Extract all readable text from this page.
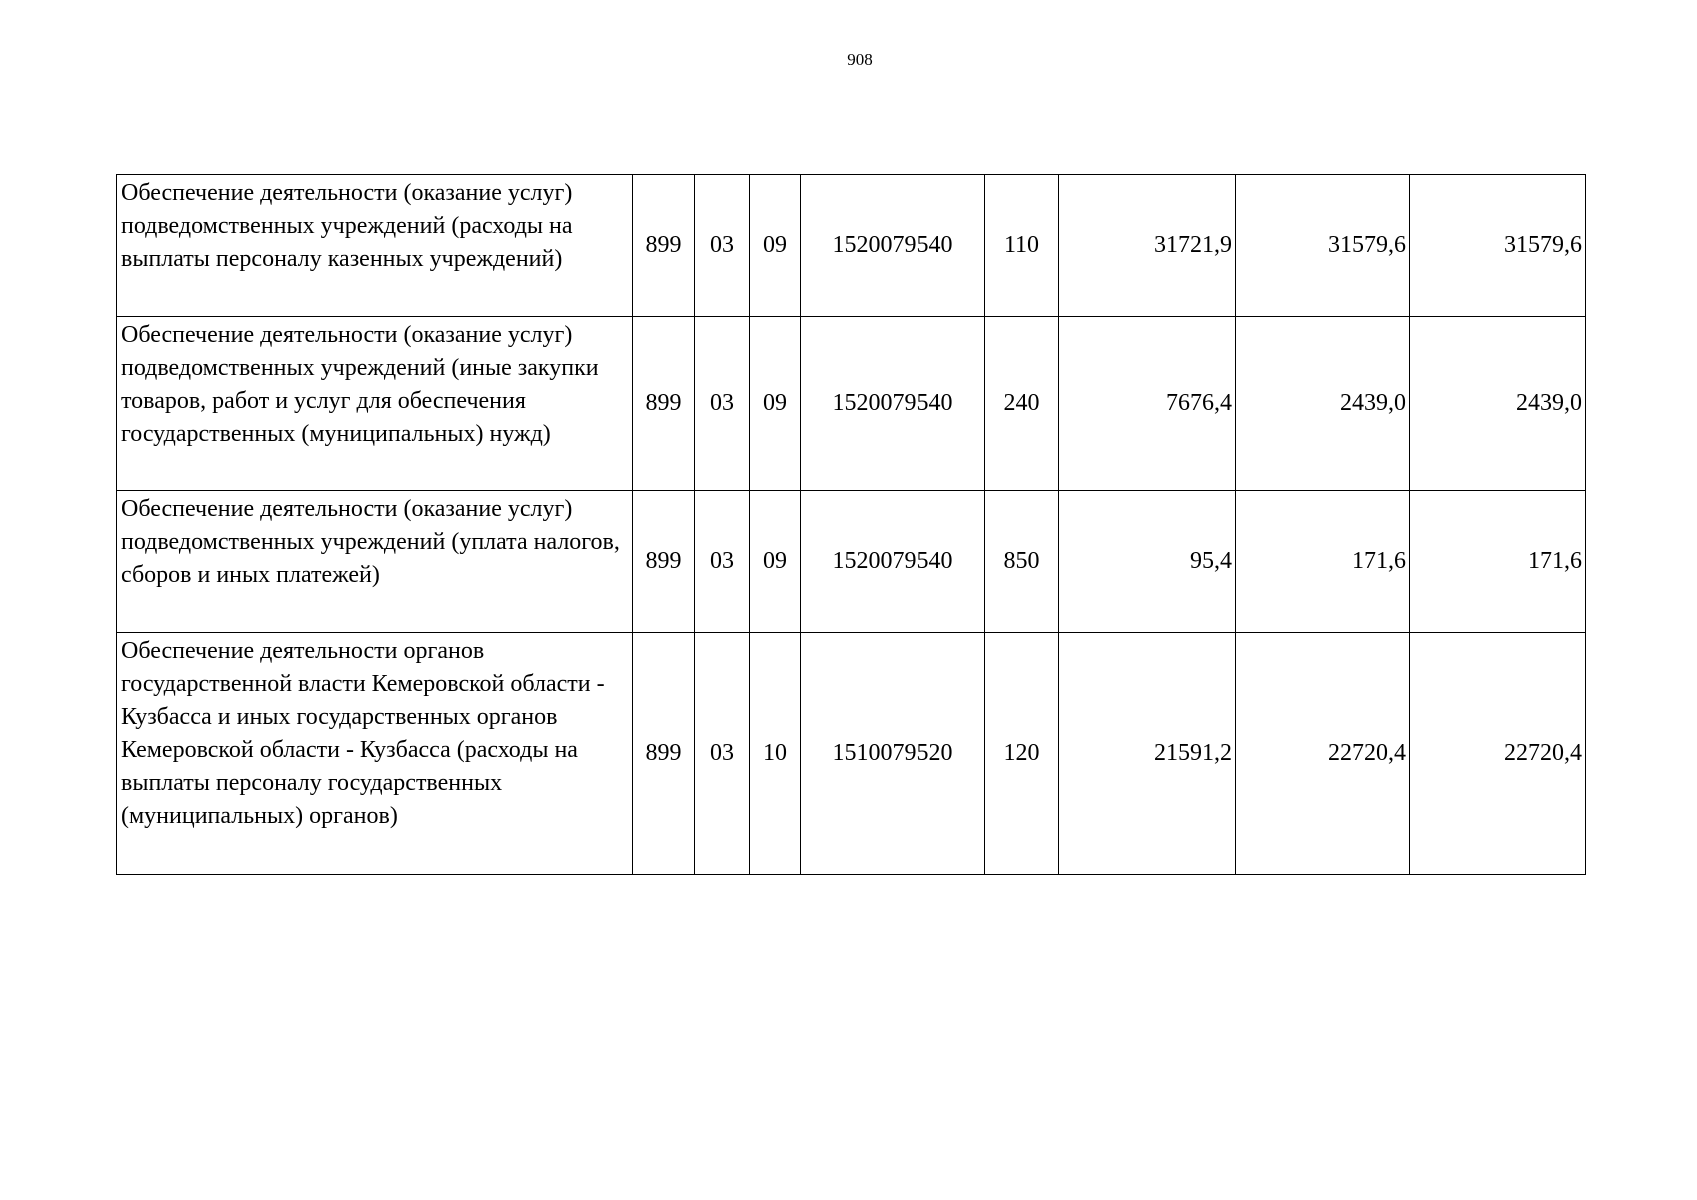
908
Обеспечение деятельности (оказание услуг) подведомственных учреждений (расходы на выплаты персоналу казенных учреждений)	899	03	09	1520079540	110	31721,9	31579,6	31579,6
Обеспечение деятельности (оказание услуг) подведомственных учреждений (иные закупки товаров, работ и услуг для обеспечения государственных (муниципальных) нужд)	899	03	09	1520079540	240	7676,4	2439,0	2439,0
Обеспечение деятельности (оказание услуг) подведомственных учреждений (уплата налогов, сборов и иных платежей)	899	03	09	1520079540	850	95,4	171,6	171,6
Обеспечение деятельности органов государственной власти Кемеровской области - Кузбасса и иных государственных органов Кемеровской области - Кузбасса (расходы на выплаты персоналу государственных (муниципальных) органов)	899	03	10	1510079520	120	21591,2	22720,4	22720,4
